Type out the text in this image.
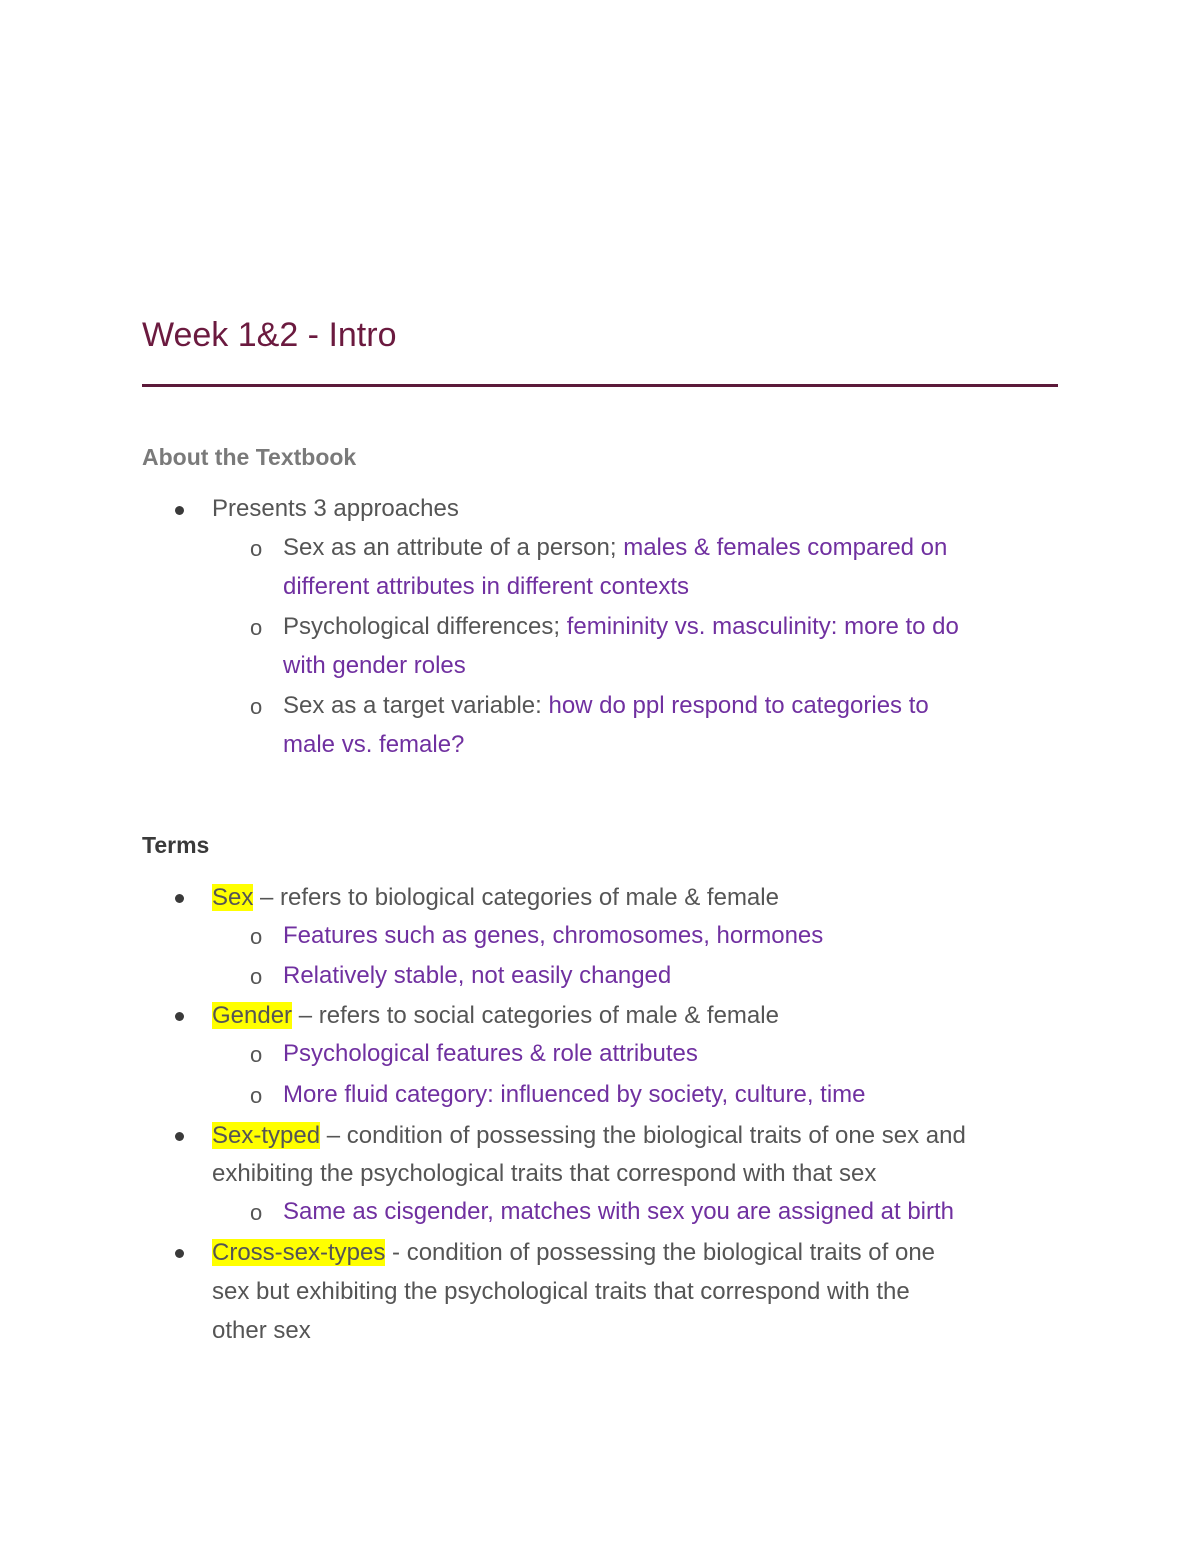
Week 1&2 - Intro
About the Textbook
Presents 3 approaches
o Sex as an attribute of a person; males & females compared on
different attributes in different contexts
o Psychological differences; femininity vs. masculinity: more to do
with gender roles
o Sex as a target variable: how do ppl respond to categories to
male vs. female?
Terms
Sex – refers to biological categories of male & female
o Features such as genes, chromosomes, hormones
o Relatively stable, not easily changed
Gender – refers to social categories of male & female
o Psychological features & role attributes
o More fluid category: influenced by society, culture, time
Sex-typed – condition of possessing the biological traits of one sex and
exhibiting the psychological traits that correspond with that sex
o Same as cisgender, matches with sex you are assigned at birth
Cross-sex-types - condition of possessing the biological traits of one
sex but exhibiting the psychological traits that correspond with the
other sex
